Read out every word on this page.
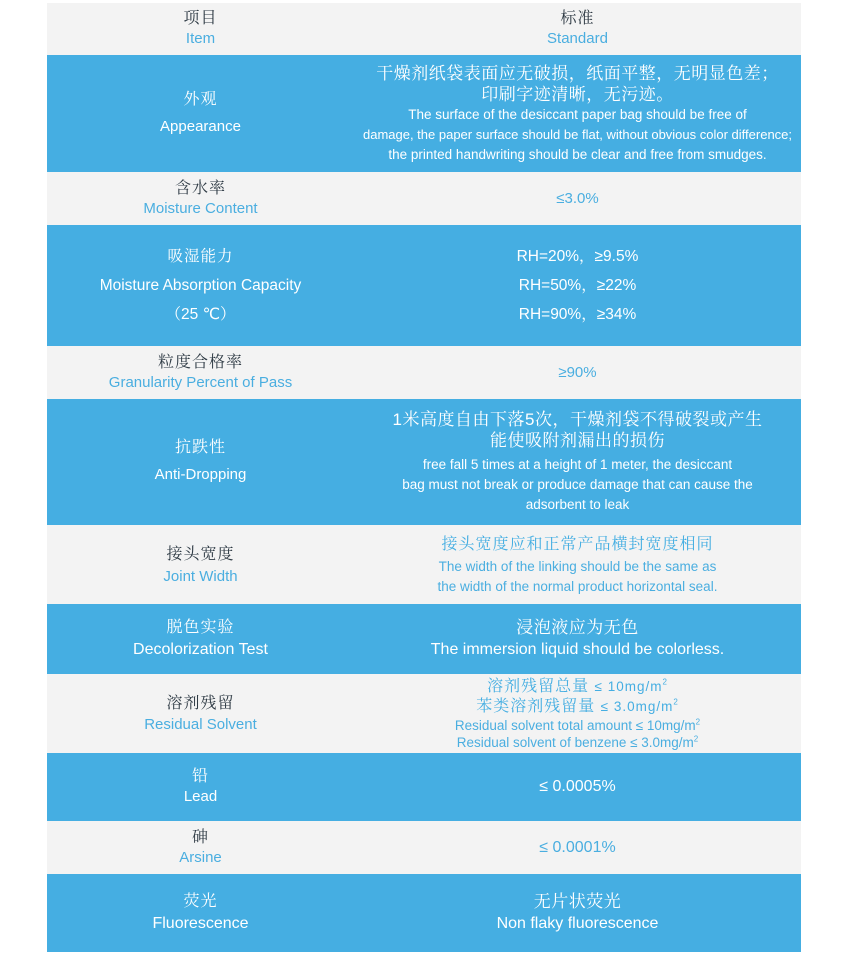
项目
Item
标准
Standard
外观
Appearance
干燥剂纸袋表面应无破损，纸面平整，无明显色差；
印刷字迹清晰，无污迹。
The surface of the desiccant paper bag should be free of
damage, the paper surface should be flat, without obvious color difference;
the printed handwriting should be clear and free from smudges.
含水率
Moisture Content
≤3.0%
吸湿能力
Moisture Absorption Capacity
（25 ℃）
RH=20%，≥9.5%
RH=50%，≥22%
RH=90%，≥34%
粒度合格率
Granularity Percent of Pass
≥90%
抗跌性
Anti-Dropping
1米高度自由下落5次，干燥剂袋不得破裂或产生
能使吸附剂漏出的损伤
free fall 5 times at a height of 1 meter, the desiccant
bag must not break or produce damage that can cause the
adsorbent to leak
接头宽度
Joint Width
接头宽度应和正常产品横封宽度相同
The width of the linking should be the same as
the width of the normal product horizontal seal.
脱色实验
Decolorization Test
浸泡液应为无色
The immersion liquid should be colorless.
溶剂残留
Residual Solvent
溶剂残留总量 ≤ $10mg/m^2$
苯类溶剂残留量 ≤ $3.0mg/m^2$
Residual solvent total amount ≤ $10mg/m^2$
Residual solvent of benzene ≤ $3.0mg/m^2$
铅
Lead
≤ 0.0005%
砷
Arsine
≤ 0.0001%
荧光
Fluorescence
无片状荧光
Non flaky fluorescence
